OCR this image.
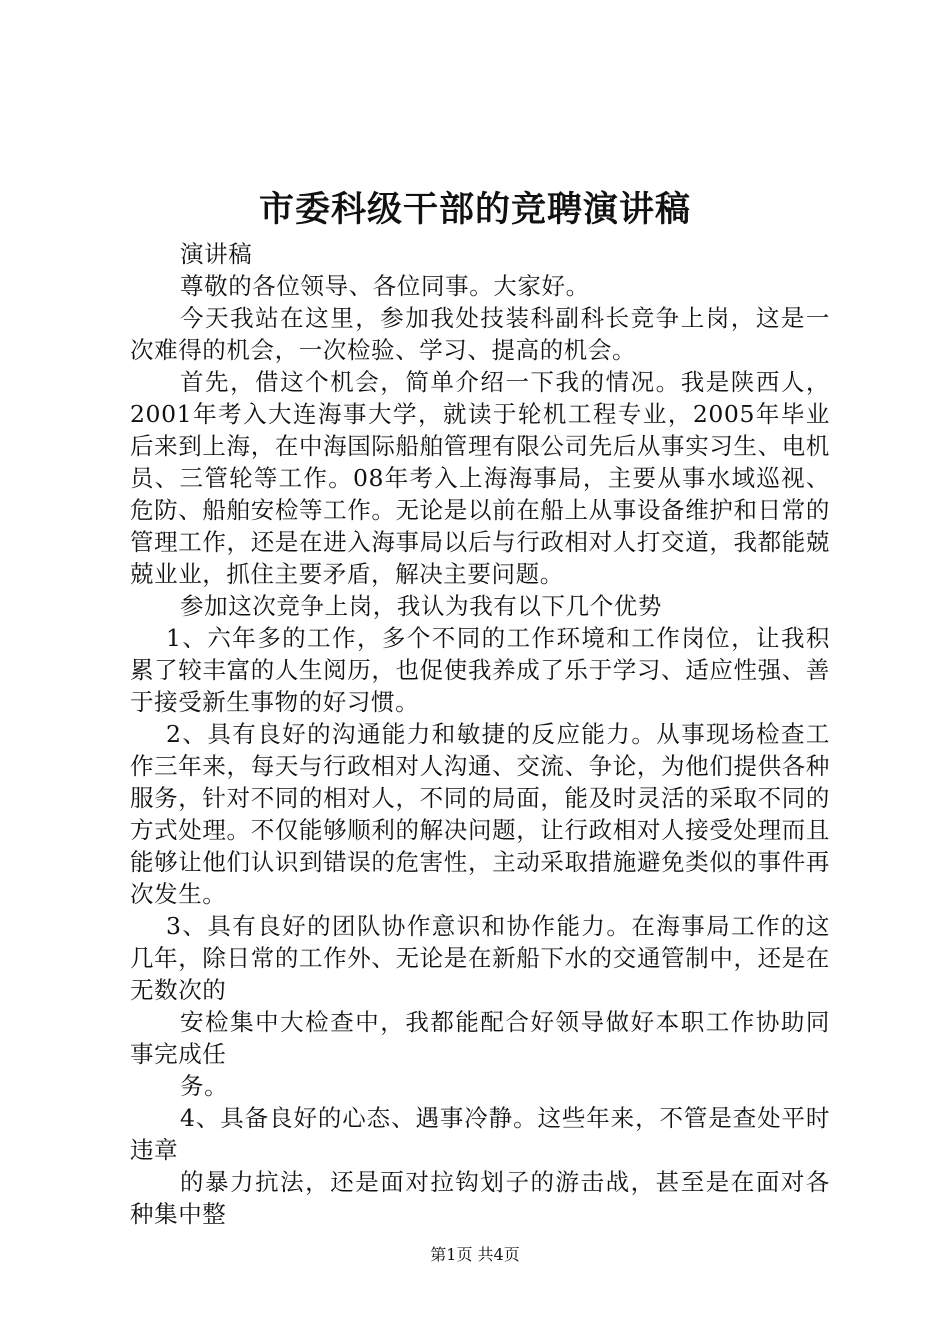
市委科级干部的竞聘演讲稿

演讲稿

尊敬的各位领导、各位同事。大家好。

今天我站在这里，参加我处技装科副科长竞争上岗，这是一次难得的机会，一次检验、学习、提高的机会。

首先，借这个机会，简单介绍一下我的情况。我是陕西人，2001年考入大连海事大学，就读于轮机工程专业，2005年毕业后来到上海，在中海国际船舶管理有限公司先后从事实习生、电机员、三管轮等工作。08年考入上海海事局，主要从事水域巡视、危防、船舶安检等工作。无论是以前在船上从事设备维护和日常的管理工作，还是在进入海事局以后与行政相对人打交道，我都能兢兢业业，抓住主要矛盾，解决主要问题。

参加这次竞争上岗，我认为我有以下几个优势

1、六年多的工作，多个不同的工作环境和工作岗位，让我积累了较丰富的人生阅历，也促使我养成了乐于学习、适应性强、善于接受新生事物的好习惯。

2、具有良好的沟通能力和敏捷的反应能力。从事现场检查工作三年来，每天与行政相对人沟通、交流、争论，为他们提供各种服务，针对不同的相对人，不同的局面，能及时灵活的采取不同的方式处理。不仅能够顺利的解决问题，让行政相对人接受处理而且能够让他们认识到错误的危害性，主动采取措施避免类似的事件再次发生。

3、具有良好的团队协作意识和协作能力。在海事局工作的这几年，除日常的工作外、无论是在新船下水的交通管制中，还是在无数次的

安检集中大检查中，我都能配合好领导做好本职工作协助同事完成任

务。

4、具备良好的心态、遇事冷静。这些年来，不管是查处平时违章

的暴力抗法，还是面对拉钩划子的游击战，甚至是在面对各种集中整

第1页 共4页
